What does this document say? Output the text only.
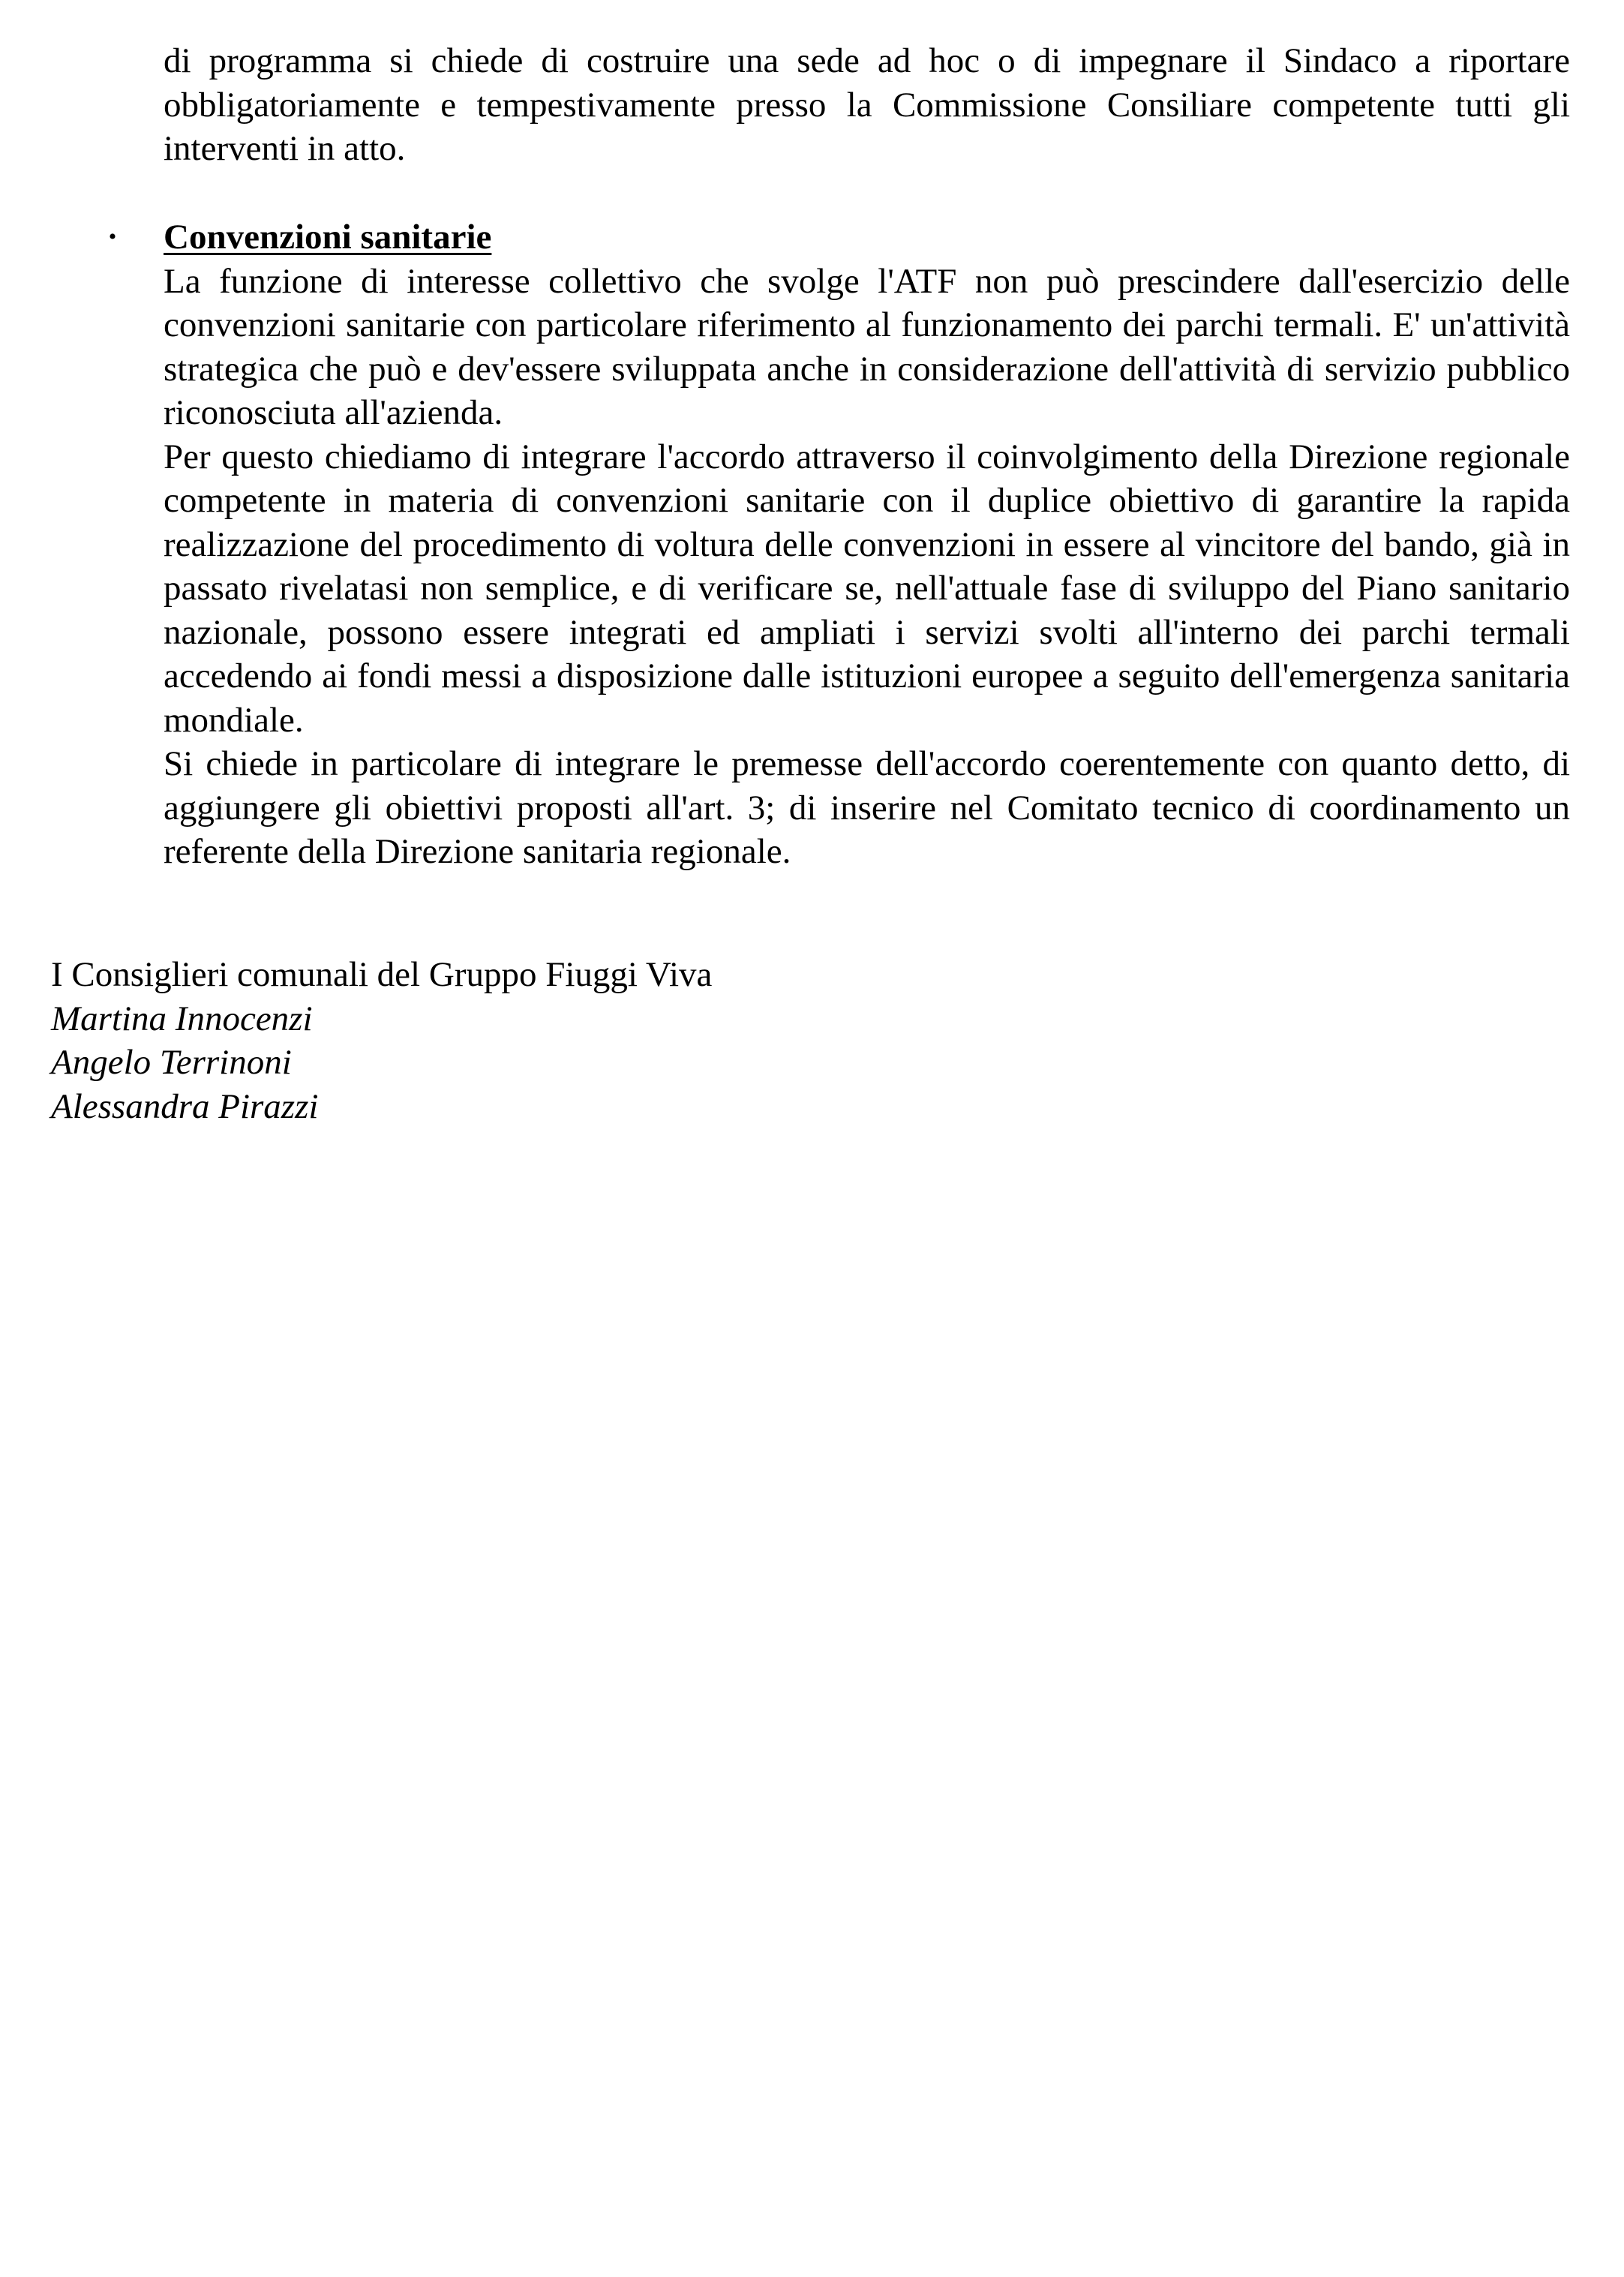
di programma si chiede di costruire una sede ad hoc o di impegnare il Sindaco a riportare obbligatoriamente e tempestivamente presso la Commissione Consiliare competente tutti gli interventi in atto.

• Convenzioni sanitarie

La funzione di interesse collettivo che svolge l'ATF non può prescindere dall'esercizio delle convenzioni sanitarie con particolare riferimento al funzionamento dei parchi termali. E' un'attività strategica che può e dev'essere sviluppata anche in considerazione dell'attività di servizio pubblico riconosciuta all'azienda.

Per questo chiediamo di integrare l'accordo attraverso il coinvolgimento della Direzione regionale competente in materia di convenzioni sanitarie con il duplice obiettivo di garantire la rapida realizzazione del procedimento di voltura delle convenzioni in essere al vincitore del bando, già in passato rivelatasi non semplice, e di verificare se, nell'attuale fase di sviluppo del Piano sanitario nazionale, possono essere integrati ed ampliati i servizi svolti all'interno dei parchi termali accedendo ai fondi messi a disposizione dalle istituzioni europee a seguito dell'emergenza sanitaria mondiale.

Si chiede in particolare di integrare le premesse dell'accordo coerentemente con quanto detto, di aggiungere gli obiettivi proposti all'art. 3; di inserire nel Comitato tecnico di coordinamento un referente della Direzione sanitaria regionale.

I Consiglieri comunali del Gruppo Fiuggi Viva

Martina Innocenzi

Angelo Terrinoni

Alessandra Pirazzi
